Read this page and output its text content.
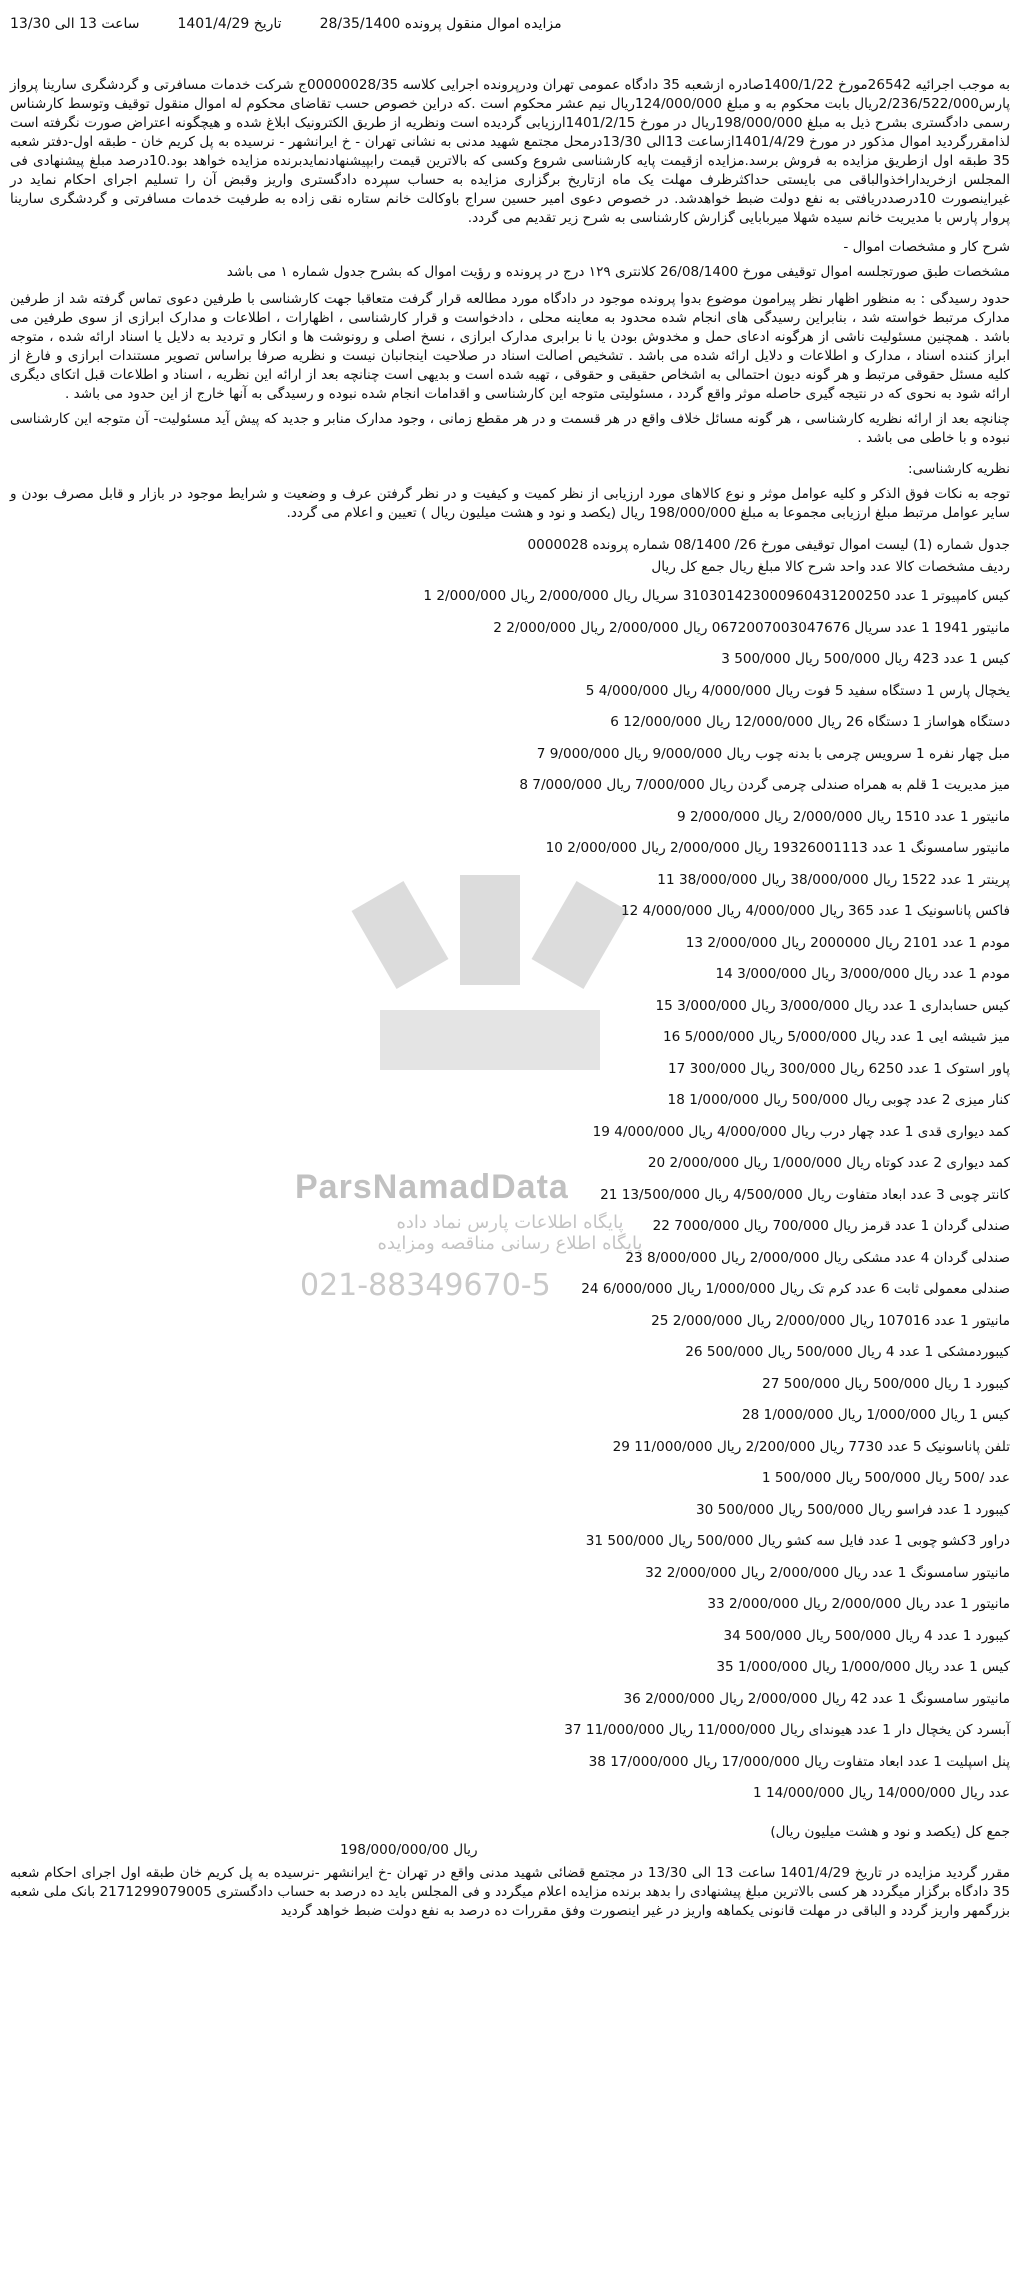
مزایده اموال منقول پرونده 28/35/1400
تاریخ 1401/4/29
ساعت 13 الی 13/30

به موجب اجرائیه 26542مورخ 1400/1/22صادره ازشعبه 35 دادگاه عمومی تهران ودرپرونده اجرایی کلاسه 00000028/35ج شرکت خدمات مسافرتی و گردشگری سارینا پرواز پارس2/236/522/000ریال بابت محکوم به و مبلغ 124/000/000ریال نیم عشر محکوم است .که دراین خصوص حسب تقاضای محکوم له اموال منقول توقیف وتوسط کارشناس رسمی دادگستری بشرح ذیل به مبلغ 198/000/000ریال در مورخ 1401/2/15ارزیابی گردیده است ونظریه از طریق الکترونیک ابلاغ شده و هیچگونه اعتراض صورت نگرفته است لذامقررگردید اموال مذکور در مورخ 1401/4/29ازساعت 13الی 13/30درمحل مجتمع شهید مدنی به نشانی تهران - خ ایرانشهر - نرسیده به پل کریم خان - طبقه اول-دفتر شعبه 35 طبقه اول ازطریق مزایده به فروش برسد.مزایده ازقیمت پایه کارشناسی شروع وکسی که بالاترین قیمت رابپیشنهادنمایدبرنده مزایده خواهد بود.10درصد مبلغ پیشنهادی فی المجلس ازخریداراخذوالباقی می بایستی حداکثرظرف مهلت یک ماه ازتاریخ برگزاری مزایده به حساب سپرده دادگستری واریز وقبض آن را تسلیم اجرای احکام نماید در غیراینصورت 10درصددریافتی به نفع دولت ضبط خواهدشد. در خصوص دعوی امیر حسین سراج باوکالت خانم ستاره نقی زاده به طرفیت خدمات مسافرتی و گردشگری سارینا پروار پارس با مدیریت خانم سیده شهلا میربابایی گزارش کارشناسی به شرح زیر تقدیم می گردد.

شرح کار و مشخصات اموال -
مشخصات طبق صورتجلسه اموال توقیفی مورخ 26/08/1400 کلانتری ۱۲۹ درج در پرونده و رؤیت اموال که بشرح جدول شماره ۱ می باشد

حدود رسیدگی : به منظور اظهار نظر پیرامون موضوع بدوا پرونده موجود در دادگاه مورد مطالعه قرار گرفت متعاقبا جهت کارشناسی با طرفین دعوی تماس گرفته شد از طرفین مدارک مرتبط خواسته شد ، بنابراین رسیدگی های انجام شده محدود به معاینه محلی ، دادخواست و قرار کارشناسی ، اظهارات ، اطلاعات و مدارک ابرازی از سوی طرفین می باشد . همچنین مسئولیت ناشی از هرگونه ادعای حمل و مخدوش بودن یا نا برابری مدارک ابرازی ، نسخ اصلی و رونوشت ها و انکار و تردید به دلایل یا اسناد ارائه شده ، متوجه ابراز کننده اسناد ، مدارک و اطلاعات و دلایل ارائه شده می باشد . تشخیص اصالت اسناد در صلاحیت اینجانبان نیست و نظریه صرفا براساس تصویر مستندات ابرازی و فارغ از کلیه مسئل حقوقی مرتبط و هر گونه دیون احتمالی به اشخاص حقیقی و حقوقی ، تهیه شده است و بدیهی است چنانچه بعد از ارائه این نظریه ، اسناد و اطلاعات قبل اتکای دیگری ارائه شود به نحوی که در نتیجه گیری حاصله موثر واقع گردد ، مسئولیتی متوجه این کارشناسی و اقدامات انجام شده نبوده و رسیدگی به آنها خارج از این حدود می باشد .

چنانچه بعد از ارائه نظریه کارشناسی ، هر گونه مسائل خلاف واقع در هر قسمت و در هر مقطع زمانی ، وجود مدارک منابر و جدید که پیش آید مسئولیت- آن متوجه این کارشناسی نبوده و با خاطی می باشد .

نظریه کارشناسی:

توجه به نکات فوق الذکر و کلیه عوامل موثر و نوع کالاهای مورد ارزیابی از نظر کمیت و کیفیت و در نظر گرفتن عرف و وضعیت و شرایط موجود در بازار و قابل مصرف بودن و سایر عوامل مرتبط مبلغ ارزیابی مجموعا به مبلغ 198/000/000 ریال (یکصد و نود و هشت میلیون ریال ) تعیین و اعلام می گردد.

جدول شماره (1) لیست اموال توقیفی مورخ 26/ 08/1400 شماره پرونده 0000028
ردیف مشخصات کالا عدد واحد شرح کالا مبلغ ریال جمع کل ریال
کیس کامپیوتر 1 عدد 310301423000960431200250 سریال ریال 2/000/000 ریال 2/000/000 1
مانیتور 1941 1 عدد سریال 0672007003047676 ریال 2/000/000 ریال 2/000/000 2
کیس 1 عدد 423 ریال 500/000 ریال 500/000 3
یخچال پارس 1 دستگاه سفید 5 فوت ریال 4/000/000 ریال 4/000/000 5
دستگاه هواساز 1 دستگاه 26 ریال 12/000/000 ریال 12/000/000 6
مبل چهار نفره 1 سرویس چرمی با بدنه چوب ریال 9/000/000 ریال 9/000/000 7
میز مدیریت 1 قلم به همراه صندلی چرمی گردن ریال 7/000/000 ریال 7/000/000 8
مانیتور 1 عدد 1510 ریال 2/000/000 ریال 2/000/000 9
مانیتور سامسونگ 1 عدد 19326001113 ریال 2/000/000 ریال 2/000/000 10
پرینتر 1 عدد 1522 ریال 38/000/000 ریال 38/000/000 11
فاکس پاناسونیک 1 عدد 365 ریال 4/000/000 ریال 4/000/000 12
مودم 1 عدد 2101 ریال 2000000 ریال 2/000/000 13
مودم 1 عدد ریال 3/000/000 ریال 3/000/000 14
کیس حسابداری 1 عدد ریال 3/000/000 ریال 3/000/000 15
میز شیشه ایی 1 عدد ریال 5/000/000 ریال 5/000/000 16
پاور استوک 1 عدد 6250 ریال 300/000 ریال 300/000 17
کنار میزی 2 عدد چوبی ریال 500/000 ریال 1/000/000 18
کمد دیواری قدی 1 عدد چهار درب ریال 4/000/000 ریال 4/000/000 19
کمد دیواری 2 عدد کوتاه ریال 1/000/000 ریال 2/000/000 20
کانتر چوبی 3 عدد ابعاد متفاوت ریال 4/500/000 ریال 13/500/000 21
صندلی گردان 1 عدد قرمز ریال 700/000 ریال 7000/000 22
صندلی گردان 4 عدد مشکی ریال 2/000/000 ریال 8/000/000 23
صندلی معمولی ثابت 6 عدد کرم تک ریال 1/000/000 ریال 6/000/000 24
مانیتور 1 عدد 107016 ریال 2/000/000 ریال 2/000/000 25
کیبوردمشکی 1 عدد 4 ریال 500/000 ریال 500/000 26
کیبورد 1 ریال 500/000 ریال 500/000 27
کیس 1 ریال 1/000/000 ریال 1/000/000 28
تلفن پاناسونیک 5 عدد 7730 ریال 2/200/000 ریال 11/000/000 29
عدد /500 ریال 500/000 ریال 500/000 1
کیبورد 1 عدد فراسو ریال 500/000 ریال 500/000 30
دراور 3کشو چوبی 1 عدد فایل سه کشو ریال 500/000 ریال 500/000 31
مانیتور سامسونگ 1 عدد ریال 2/000/000 ریال 2/000/000 32
مانیتور 1 عدد ریال 2/000/000 ریال 2/000/000 33
کیبورد 1 عدد 4 ریال 500/000 ریال 500/000 34
کیس 1 عدد ریال 1/000/000 ریال 1/000/000 35
مانیتور سامسونگ 1 عدد 42 ریال 2/000/000 ریال 2/000/000 36
آبسرد کن یخچال دار 1 عدد هیوندای ریال 11/000/000 ریال 11/000/000 37
پنل اسپلیت 1 عدد ابعاد متفاوت ریال 17/000/000 ریال 17/000/000 38
عدد ریال 14/000/000 ریال 14/000/000 1
جمع کل (یکصد و نود و هشت میلیون ریال)
ریال 198/000/000/00

مقرر گردید مزایده در تاریخ 1401/4/29 ساعت 13 الی 13/30 در مجتمع قضائی شهید مدنی واقع در تهران -خ ایرانشهر -نرسیده به پل کریم خان طبقه اول اجرای احکام شعبه 35 دادگاه برگزار میگردد هر کسی بالاترین مبلغ پیشنهادی را بدهد برنده مزایده اعلام میگردد و فی المجلس باید ده درصد به حساب دادگستری 2171299079005 بانک ملی شعبه بزرگمهر واریز گردد و الباقی در مهلت قانونی یکماهه واریز در غیر اینصورت وفق مقررات ده درصد به نفع دولت ضبط خواهد گردید

ParsNamadData
پایگاه اطلاعات پارس نماد داده
پایگاه اطلاع رسانی مناقصه ومزایده
021-88349670-5
